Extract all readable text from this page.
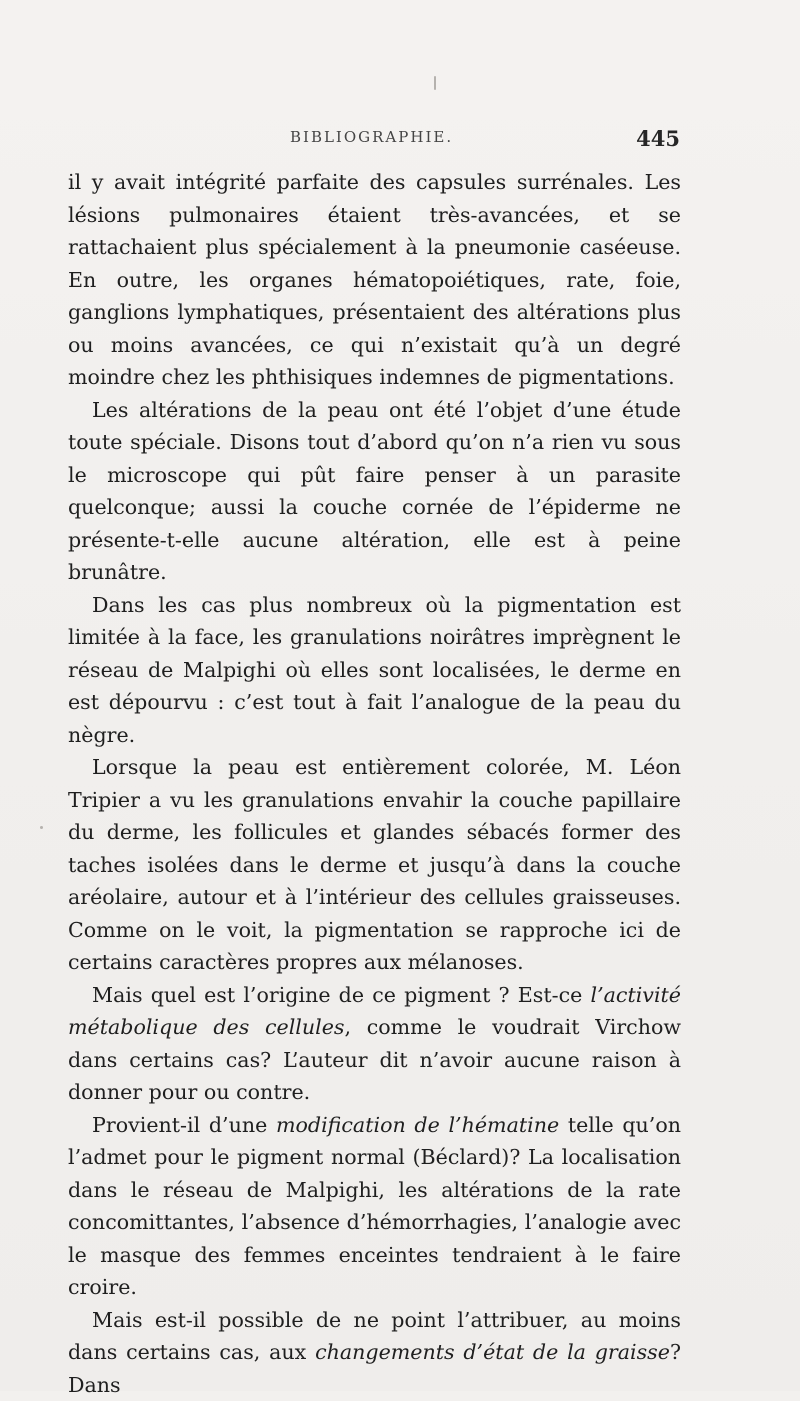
BIBLIOGRAPHIE.	445

il y avait intégrité parfaite des capsules surrénales. Les lésions pulmonaires étaient très-avancées, et se rattachaient plus spécialement à la pneumonie caséeuse. En outre, les organes hématopoiétiques, rate, foie, ganglions lymphatiques, présentaient des altérations plus ou moins avancées, ce qui n’existait qu’à un degré moindre chez les phthisiques indemnes de pigmentations.

Les altérations de la peau ont été l’objet d’une étude toute spéciale. Disons tout d’abord qu’on n’a rien vu sous le microscope qui pût faire penser à un parasite quelconque; aussi la couche cornée de l’épiderme ne présente-t-elle aucune altération, elle est à peine brunâtre.

Dans les cas plus nombreux où la pigmentation est limitée à la face, les granulations noirâtres imprègnent le réseau de Malpighi où elles sont localisées, le derme en est dépourvu : c’est tout à fait l’analogue de la peau du nègre.

Lorsque la peau est entièrement colorée, M. Léon Tripier a vu les granulations envahir la couche papillaire du derme, les follicules et glandes sébacés former des taches isolées dans le derme et jusqu’à dans la couche aréolaire, autour et à l’intérieur des cellules graisseuses. Comme on le voit, la pigmentation se rapproche ici de certains caractères propres aux mélanoses.

Mais quel est l’origine de ce pigment ? Est-ce l’activité métabolique des cellules, comme le voudrait Virchow dans certains cas? L’auteur dit n’avoir aucune raison à donner pour ou contre.

Provient-il d’une modification de l’hématine telle qu’on l’admet pour le pigment normal (Béclard)? La localisation dans le réseau de Malpighi, les altérations de la rate concomittantes, l’absence d’hémorrhagies, l’analogie avec le masque des femmes enceintes tendraient à le faire croire.

Mais est-il possible de ne point l’attribuer, au moins dans certains cas, aux changements d’état de la graisse? Dans
